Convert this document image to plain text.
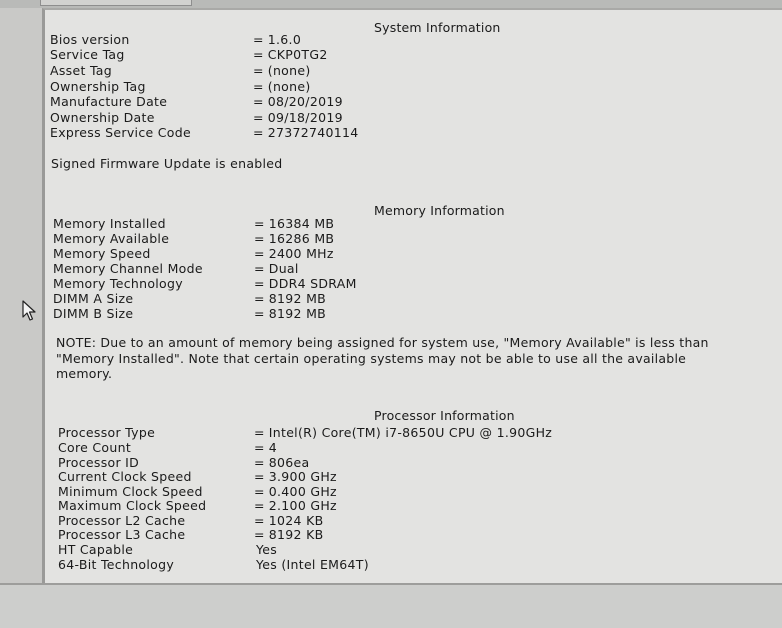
System Information
Bios version	= 1.6.0
Service Tag	= CKP0TG2
Asset Tag	= (none)
Ownership Tag	= (none)
Manufacture Date	= 08/20/2019
Ownership Date	= 09/18/2019
Express Service Code	= 27372740114
Signed Firmware Update is enabled
Memory Information
Memory Installed	= 16384 MB
Memory Available	= 16286 MB
Memory Speed	= 2400 MHz
Memory Channel Mode	= Dual
Memory Technology	= DDR4 SDRAM
DIMM A Size	= 8192 MB
DIMM B Size	= 8192 MB
NOTE: Due to an amount of memory being assigned for system use, "Memory Available" is less than "Memory Installed". Note that certain operating systems may not be able to use all the available memory.
Processor Information
Processor Type	= Intel(R) Core(TM) i7-8650U CPU @ 1.90GHz
Core Count	= 4
Processor ID	= 806ea
Current Clock Speed	= 3.900 GHz
Minimum Clock Speed	= 0.400 GHz
Maximum Clock Speed	= 2.100 GHz
Processor L2 Cache	= 1024 KB
Processor L3 Cache	= 8192 KB
HT Capable	Yes
64-Bit Technology	Yes (Intel EM64T)
